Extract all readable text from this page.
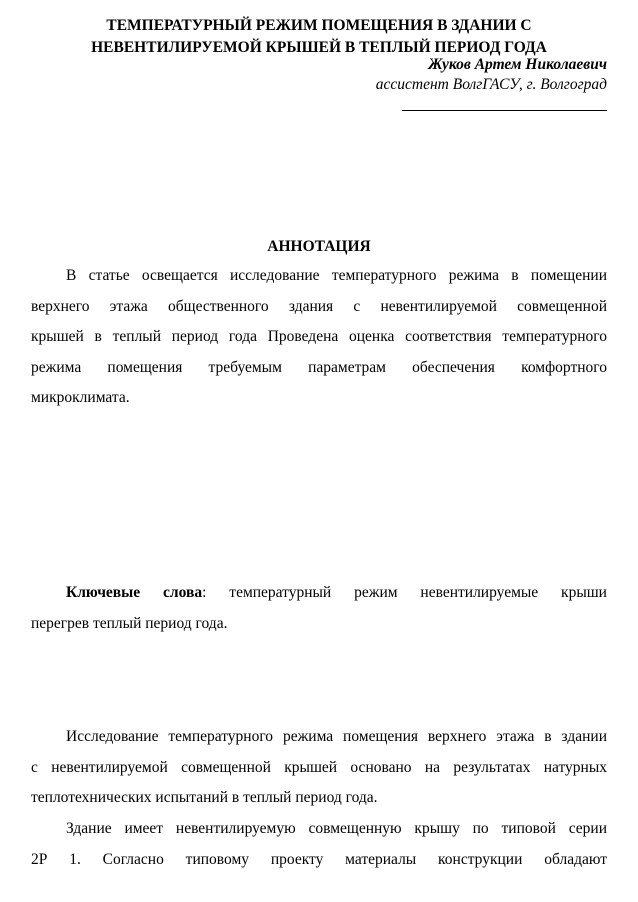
ТЕМПЕРАТУРНЫЙ РЕЖИМ ПОМЕЩЕНИЯ В ЗДАНИИ С
НЕВЕНТИЛИРУЕМОЙ КРЫШЕЙ В ТЕПЛЫЙ ПЕРИОД ГОДА
Жуков Артем Николаевич
ассистент ВолгГАСУ, г. Волгоград
АННОТАЦИЯ
В статье освещается исследование температурного режима в помещении
верхнего этажа общественного здания с невентилируемой совмещенной
крышей в теплый период года Проведена оценка соответствия температурного
режима помещения требуемым параметрам обеспечения комфортного
микроклимата.
Ключевые слова: температурный режим невентилируемые крыши
перегрев теплый период года.
Исследование температурного режима помещения верхнего этажа в здании
с невентилируемой совмещенной крышей основано на результатах натурных
теплотехнических испытаний в теплый период года.
Здание имеет невентилируемую совмещенную крышу по типовой серии
2Р 1. Согласно типовому проекту материалы конструкции обладают
